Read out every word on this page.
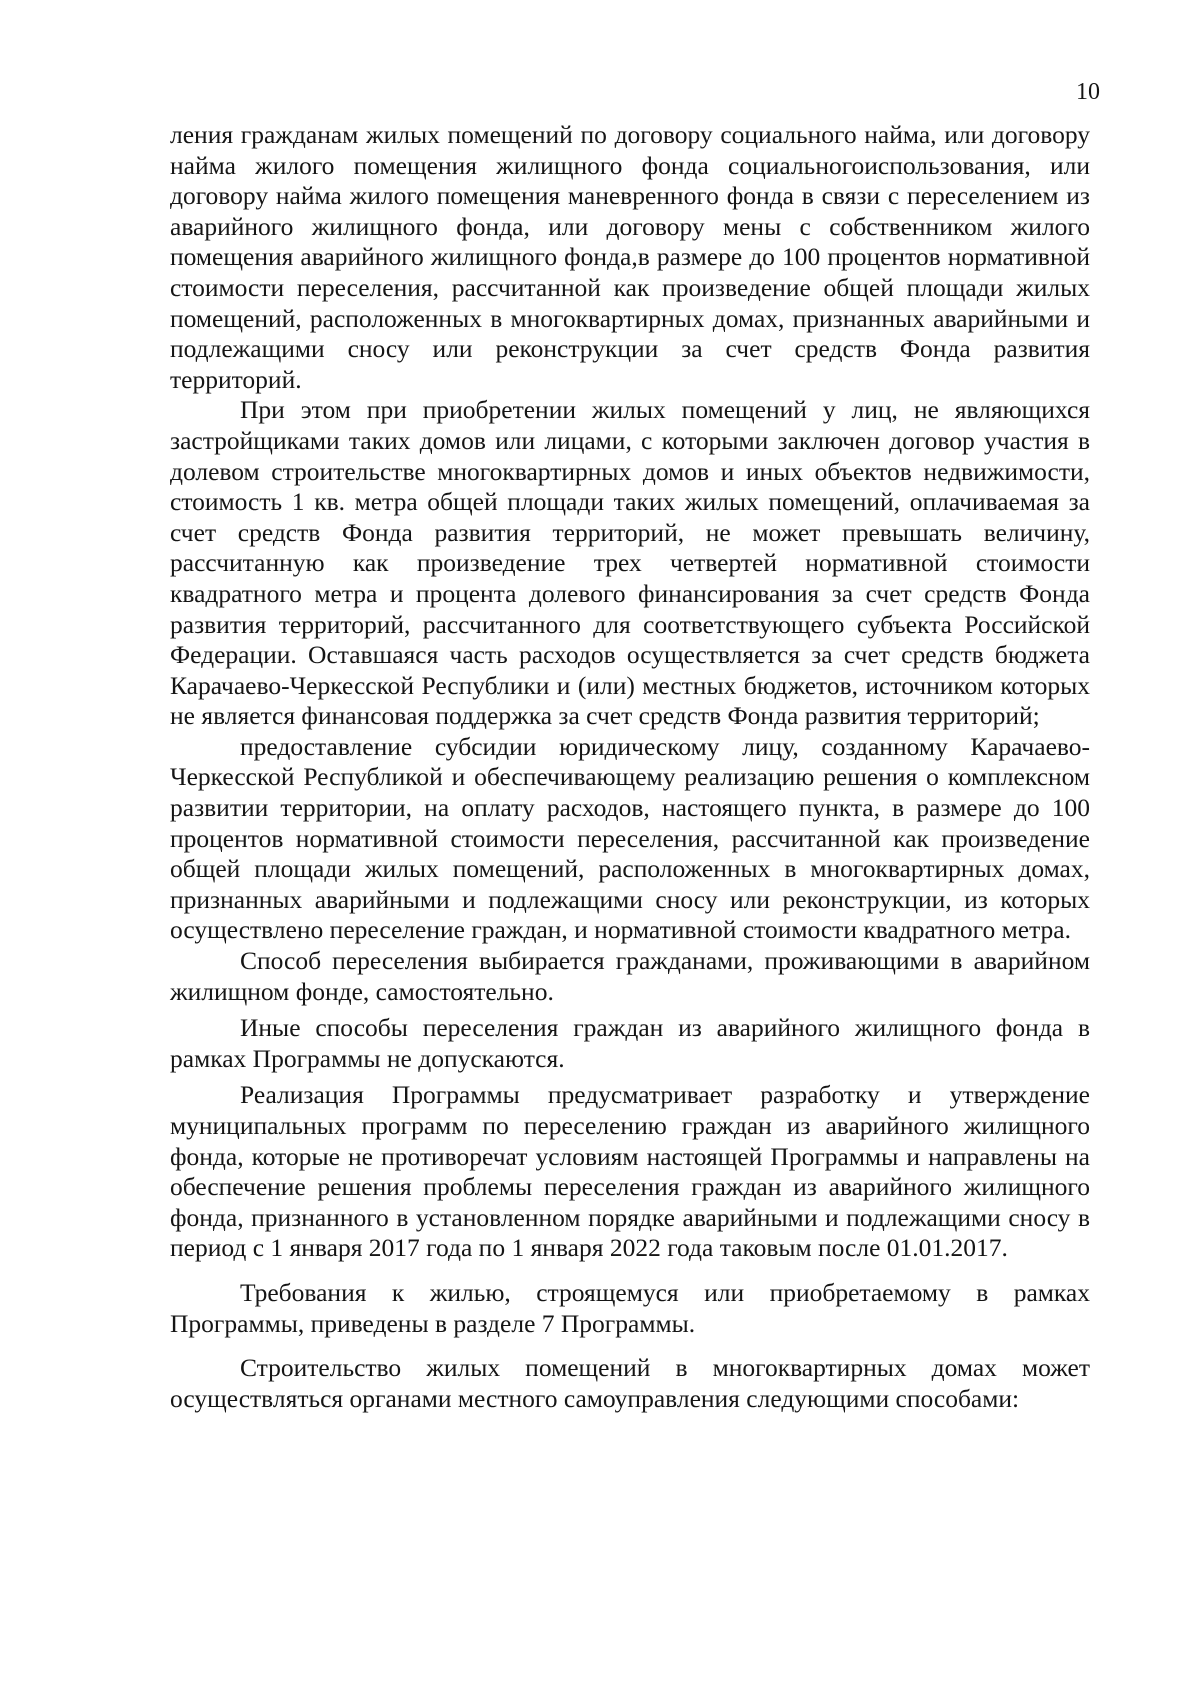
10

ления гражданам жилых помещений по договору социального найма, или договору найма жилого помещения жилищного фонда социальногоиспользования, или договору найма жилого помещения маневренного фонда в связи с переселением из аварийного жилищного фонда, или договору мены с собственником жилого помещения аварийного жилищного фонда,в размере до 100 процентов нормативной стоимости переселения, рассчитанной как произведение общей площади жилых помещений, расположенных в многоквартирных домах, признанных аварийными и подлежащими сносу или реконструкции за счет средств Фонда развития территорий.

При этом при приобретении жилых помещений у лиц, не являющихся застройщиками таких домов или лицами, с которыми заключен договор участия в долевом строительстве многоквартирных домов и иных объектов недвижимости, стоимость 1 кв. метра общей площади таких жилых помещений, оплачиваемая за счет средств Фонда развития территорий, не может превышать величину, рассчитанную как произведение трех четвертей нормативной стоимости квадратного метра и процента долевого финансирования за счет средств Фонда развития территорий, рассчитанного для соответствующего субъекта Российской Федерации. Оставшаяся часть расходов осуществляется за счет средств бюджета Карачаево-Черкесской Республики и (или) местных бюджетов, источником которых не является финансовая поддержка за счет средств Фонда развития территорий;

предоставление субсидии юридическому лицу, созданному Карачаево-Черкесской Республикой и обеспечивающему реализацию решения о комплексном развитии территории, на оплату расходов, настоящего пункта, в размере до 100 процентов нормативной стоимости переселения, рассчитанной как произведение общей площади жилых помещений, расположенных в многоквартирных домах, признанных аварийными и подлежащими сносу или реконструкции, из которых осуществлено переселение граждан, и нормативной стоимости квадратного метра.

Способ переселения выбирается гражданами, проживающими в аварийном жилищном фонде, самостоятельно.

Иные способы переселения граждан из аварийного жилищного фонда в рамках Программы не допускаются.

Реализация Программы предусматривает разработку и утверждение муниципальных программ по переселению граждан из аварийного жилищного фонда, которые не противоречат условиям настоящей Программы и направлены на обеспечение решения проблемы переселения граждан из аварийного жилищного фонда, признанного в установленном порядке аварийными и подлежащими сносу в период с 1 января 2017 года по 1 января 2022 года таковым после 01.01.2017.

Требования к жилью, строящемуся или приобретаемому в рамках Программы, приведены в разделе 7 Программы.

Строительство жилых помещений в многоквартирных домах может осуществляться органами местного самоуправления следующими способами:
